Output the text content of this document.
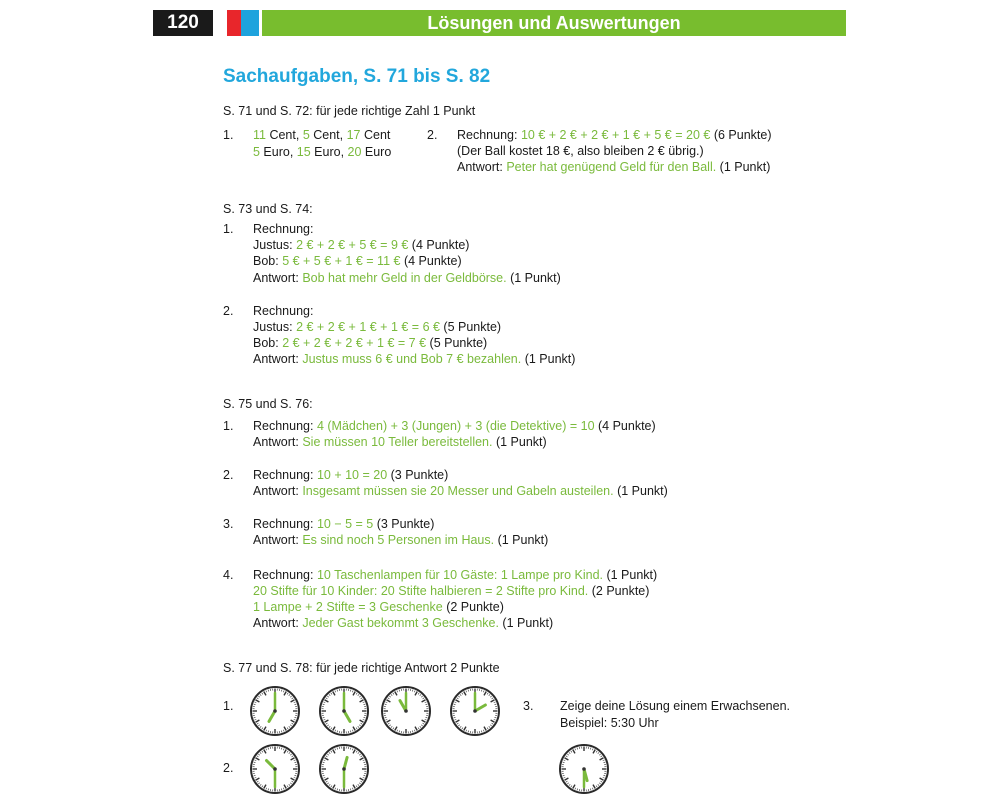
120	Lösungen und Auswertungen
Sachaufgaben, S. 71 bis S. 82
S. 71 und S. 72: für jede richtige Zahl 1 Punkt
1. 11 Cent, 5 Cent, 17 Cent
5 Euro, 15 Euro, 20 Euro
2. Rechnung: 10 € + 2 € + 2 € + 1 € + 5 € = 20 € (6 Punkte)
(Der Ball kostet 18 €, also bleiben 2 € übrig.)
Antwort: Peter hat genügend Geld für den Ball. (1 Punkt)
S. 73 und S. 74:
1. Rechnung:
Justus: 2 € + 2 € + 5 € = 9 € (4 Punkte)
Bob: 5 € + 5 € + 1 € = 11 € (4 Punkte)
Antwort: Bob hat mehr Geld in der Geldbörse. (1 Punkt)
2. Rechnung:
Justus: 2 € + 2 € + 1 € + 1 € = 6 € (5 Punkte)
Bob: 2 € + 2 € + 2 € + 1 € = 7 € (5 Punkte)
Antwort: Justus muss 6 € und Bob 7 € bezahlen. (1 Punkt)
S. 75 und S. 76:
1. Rechnung: 4 (Mädchen) + 3 (Jungen) + 3 (die Detektive) = 10 (4 Punkte)
Antwort: Sie müssen 10 Teller bereitstellen. (1 Punkt)
2. Rechnung: 10 + 10 = 20 (3 Punkte)
Antwort: Insgesamt müssen sie 20 Messer und Gabeln austeilen. (1 Punkt)
3. Rechnung: 10 − 5 = 5 (3 Punkte)
Antwort: Es sind noch 5 Personen im Haus. (1 Punkt)
4. Rechnung: 10 Taschenlampen für 10 Gäste: 1 Lampe pro Kind. (1 Punkt)
20 Stifte für 10 Kinder: 20 Stifte halbieren = 2 Stifte pro Kind. (2 Punkte)
1 Lampe + 2 Stifte = 3 Geschenke (2 Punkte)
Antwort: Jeder Gast bekommt 3 Geschenke. (1 Punkt)
S. 77 und S. 78: für jede richtige Antwort 2 Punkte
1.
2.
3. Zeige deine Lösung einem Erwachsenen.
Beispiel: 5:30 Uhr
